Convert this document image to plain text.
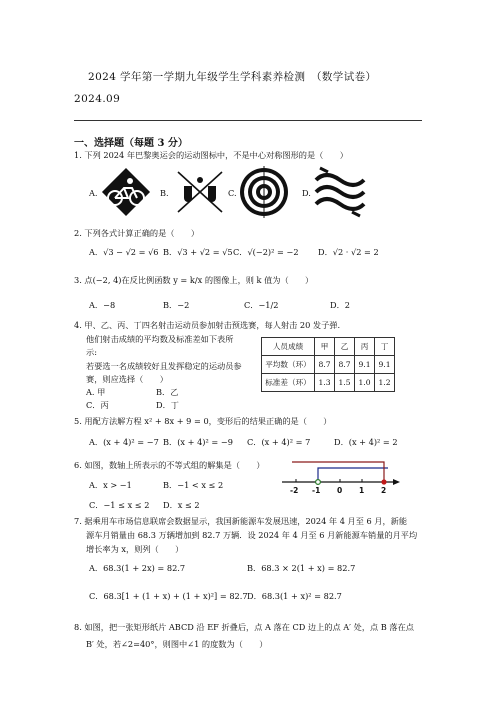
2024 学年第一学期九年级学生学科素养检测　（数学试卷）
2024.09
一、选择题（每题 3 分）
1. 下列 2024 年巴黎奥运会的运动图标中，不是中心对称图形的是（　　）
A.	B.	C.	D.
2. 下列各式计算正确的是（　　）
A．√3 − √2 = √6 B．√3 + √2 = √5 C．√(−2)² = −2 D．√2 · √2 = 2
3. 点(−2, 4)在反比例函数 y = k/x 的图像上，则 k 值为（　　）
A．−8	B．−2	C．−1/2	D．2
4. 甲、乙、丙、丁四名射击运动员参加射击预选赛，每人射击 20 发子弹.
他们射击成绩的平均数及标准差如下表所
示:
若要选一名成绩较好且发挥稳定的运动员参
赛，则应选择（　　）
A. 甲	B．乙
C．丙	D．丁
人员成绩	甲	乙	丙	丁
平均数（环）	8.7	8.7	9.1	9.1
标准差（环）	1.3	1.5	1.0	1.2
5. 用配方法解方程 x² + 8x + 9 = 0，变形后的结果正确的是（　　）
A．(x + 4)² = −7 B．(x + 4)² = −9 C．(x + 4)² = 7	D．(x + 4)² = 2
6. 如图，数轴上所表示的不等式组的解集是（　　）
A．x > −1	B．−1 < x ≤ 2
C．−1 ≤ x ≤ 2 D．x ≤ 2
-2 -1 0 1 2
7. 据乘用车市场信息联席会数据显示，我国新能源车发展迅速，2024 年 4 月至 6 月，新能
源车月销量由 68.3 万辆增加到 82.7 万辆．设 2024 年 4 月至 6 月新能源车销量的月平均
增长率为 x，则列（　　）
A．68.3(1 + 2x) = 82.7	B．68.3 × 2(1 + x) = 82.7
C．68.3[1 + (1 + x) + (1 + x)²] = 82.7 D．68.3(1 + x)² = 82.7
8. 如图，把一张矩形纸片 ABCD 沿 EF 折叠后，点 A 落在 CD 边上的点 A′ 处，点 B 落在点
B′ 处，若∠2=40°，则图中∠1 的度数为（　　）
